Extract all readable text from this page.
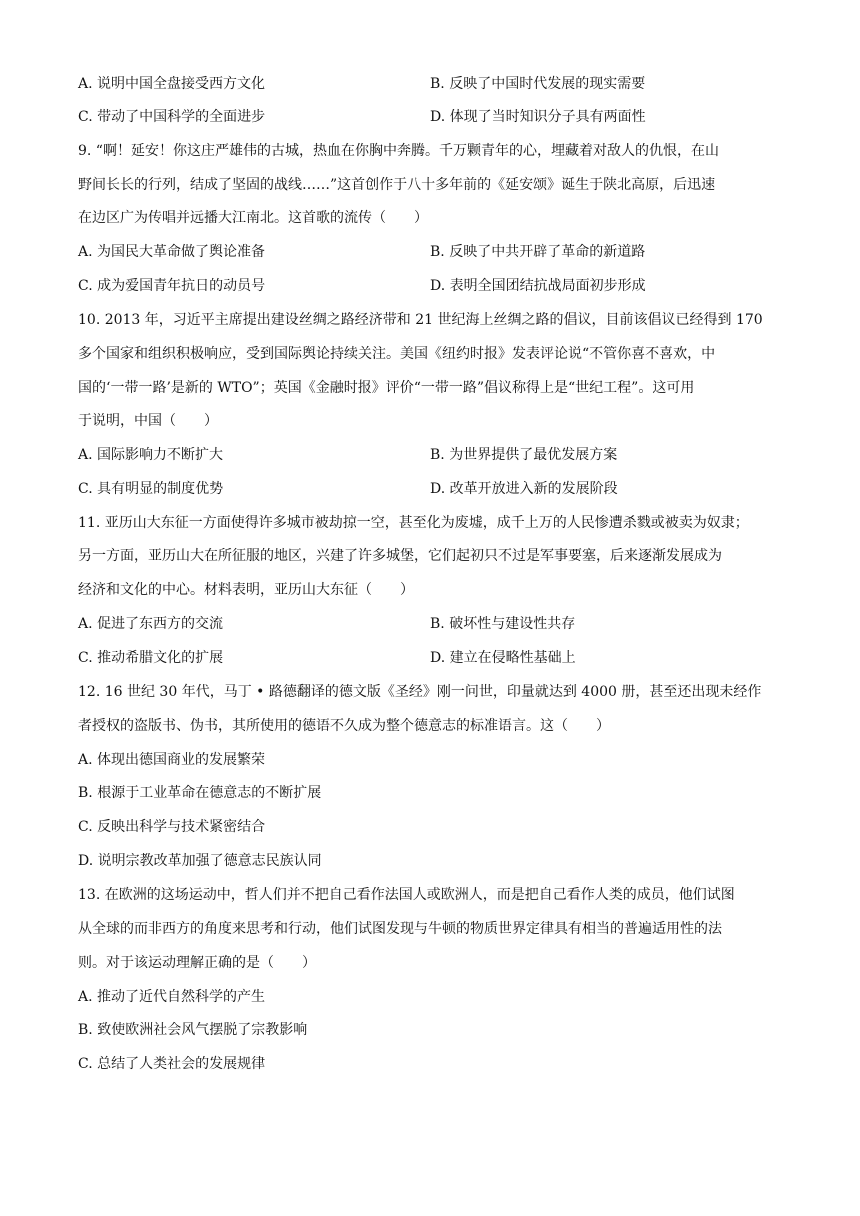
A. 说明中国全盘接受西方文化	B. 反映了中国时代发展的现实需要
C. 带动了中国科学的全面进步	D. 体现了当时知识分子具有两面性
9. “啊！延安！你这庄严雄伟的古城，热血在你胸中奔腾。千万颗青年的心，埋藏着对敌人的仇恨，在山
野间长长的行列，结成了坚固的战线……”这首创作于八十多年前的《延安颂》诞生于陕北高原，后迅速
在边区广为传唱并远播大江南北。这首歌的流传（　　）
A. 为国民大革命做了舆论准备	B. 反映了中共开辟了革命的新道路
C. 成为爱国青年抗日的动员号	D. 表明全国团结抗战局面初步形成
10. 2013 年，习近平主席提出建设丝绸之路经济带和 21 世纪海上丝绸之路的倡议，目前该倡议已经得到 170
多个国家和组织积极响应，受到国际舆论持续关注。美国《纽约时报》发表评论说“不管你喜不喜欢，中
国的‘一带一路’是新的 WTO”；英国《金融时报》评价“一带一路”倡议称得上是“世纪工程”。这可用
于说明，中国（　　）
A. 国际影响力不断扩大	B. 为世界提供了最优发展方案
C. 具有明显的制度优势	D. 改革开放进入新的发展阶段
11. 亚历山大东征一方面使得许多城市被劫掠一空，甚至化为废墟，成千上万的人民惨遭杀戮或被卖为奴隶；
另一方面，亚历山大在所征服的地区，兴建了许多城堡，它们起初只不过是军事要塞，后来逐渐发展成为
经济和文化的中心。材料表明，亚历山大东征（　　）
A. 促进了东西方的交流	B. 破坏性与建设性共存
C. 推动希腊文化的扩展	D. 建立在侵略性基础上
12. 16 世纪 30 年代，马丁 • 路德翻译的德文版《圣经》刚一问世，印量就达到 4000 册，甚至还出现未经作
者授权的盗版书、伪书，其所使用的德语不久成为整个德意志的标准语言。这（　　）
A. 体现出德国商业的发展繁荣
B. 根源于工业革命在德意志的不断扩展
C. 反映出科学与技术紧密结合
D. 说明宗教改革加强了德意志民族认同
13. 在欧洲的这场运动中，哲人们并不把自己看作法国人或欧洲人，而是把自己看作人类的成员，他们试图
从全球的而非西方的角度来思考和行动，他们试图发现与牛顿的物质世界定律具有相当的普遍适用性的法
则。对于该运动理解正确的是（　　）
A. 推动了近代自然科学的产生
B. 致使欧洲社会风气摆脱了宗教影响
C. 总结了人类社会的发展规律
